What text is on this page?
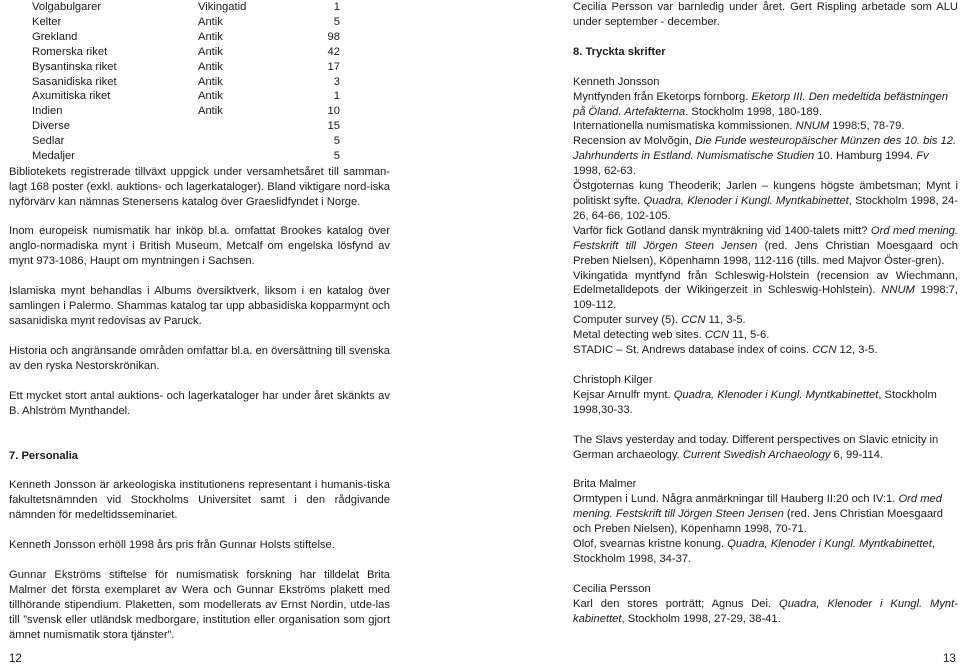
Volgabulgarer	Vikingatid	1
Kelter	Antik	5
Grekland	Antik	98
Romerska riket	Antik	42
Bysantinska riket	Antik	17
Sasanidiska riket	Antik	3
Axumitiska riket	Antik	1
Indien	Antik	10
Diverse		15
Sedlar		5
Medaljer		5

Bibliotekets registrerade tillväxt uppgick under versamhetsåret till samman-lagt 168 poster (exkl. auktions- och lagerkataloger). Bland viktigare nord-iska nyförvärv kan nämnas Stenersens katalog över Graeslidfyndet i Norge.

Inom europeisk numismatik har inköp bl.a. omfattat Brookes katalog över anglo-normadiska mynt i British Museum, Metcalf om engelska lösfynd av mynt 973-1086, Haupt om myntningen i Sachsen.

Islamiska mynt behandlas i Albums översiktverk, liksom i en katalog över samlingen i Palermo. Shammas katalog tar upp abbasidiska kopparmynt och sasanidiska mynt redovisas av Paruck.

Historia och angränsande områden omfattar bl.a. en översättning till svenska av den ryska Nestorskrönikan.

Ett mycket stort antal auktions- och lagerkataloger har under året skänkts av B. Ahlström Mynthandel.

7. Personalia

Kenneth Jonsson är arkeologiska institutionens representant i humanis-tiska fakultetsnämnden vid Stockholms Universitet samt i den rådgivande nämnden för medeltidsseminariet.

Kenneth Jonsson erhöll 1998 års pris från Gunnar Holsts stiftelse.

Gunnar Ekströms stiftelse för numismatisk forskning har tilldelat Brita Malmer det första exemplaret av Wera och Gunnar Ekströms plakett med tillhörande stipendium. Plaketten, som modellerats av Ernst Nordin, utde-las till ”svensk eller utländsk medborgare, institution eller organisation som gjort ämnet numismatik stora tjänster”.

Cecilia Persson var barnledig under året. Gert Rispling arbetade som ALU under september - december.

8. Tryckta skrifter

Kenneth Jonsson

Myntfynden från Eketorps fornborg. Eketorp III. Den medeltida befästningen på Öland. Artefakterna. Stockholm 1998, 180-189.

Internationella numismatiska kommissionen. NNUM 1998:5, 78-79.

Recension av Molvõgin, Die Funde westeuropäischer Münzen des 10. bis 12. Jahrhunderts in Estland. Numismatische Studien 10. Hamburg 1994. Fv 1998, 62-63.

Östgoternas kung Theoderik; Jarlen – kungens högste ämbetsman; Mynt i politiskt syfte. Quadra, Klenoder i Kungl. Myntkabinettet, Stockholm 1998, 24-26, 64-66, 102-105.

Varför fick Gotland dansk mynträkning vid 1400-talets mitt? Ord med mening. Festskrift till Jörgen Steen Jensen (red. Jens Christian Moesgaard och Preben Nielsen), Köpenhamn 1998, 112-116 (tills. med Majvor Öster-gren).

Vikingatida myntfynd från Schleswig-Holstein (recension av Wiechmann, Edelmetalldepots der Wikingerzeit in Schleswig-Hohlstein). NNUM 1998:7, 109-112.

Computer survey (5). CCN 11, 3-5.

Metal detecting web sites. CCN 11, 5-6.

STADIC – St. Andrews database index of coins. CCN 12, 3-5.

Christoph Kilger

Kejsar Arnulfr mynt. Quadra, Klenoder i Kungl. Myntkabinettet, Stockholm 1998,30-33.

The Slavs yesterday and today. Different perspectives on Slavic etnicity in German archaeology. Current Swedish Archaeology 6, 99-114.

Brita Malmer

Ormtypen i Lund. Några anmärkningar till Hauberg II:20 och IV:1. Ord med mening. Festskrift till Jörgen Steen Jensen (red. Jens Christian Moesgaard och Preben Nielsen), Köpenhamn 1998, 70-71.

Olof, svearnas kristne konung. Quadra, Klenoder i Kungl. Myntkabinettet, Stockholm 1998, 34-37.

Cecilia Persson

Karl den stores porträtt; Agnus Dei. Quadra, Klenoder i Kungl. Mynt-kabinettet, Stockholm 1998, 27-29, 38-41.

12	13
